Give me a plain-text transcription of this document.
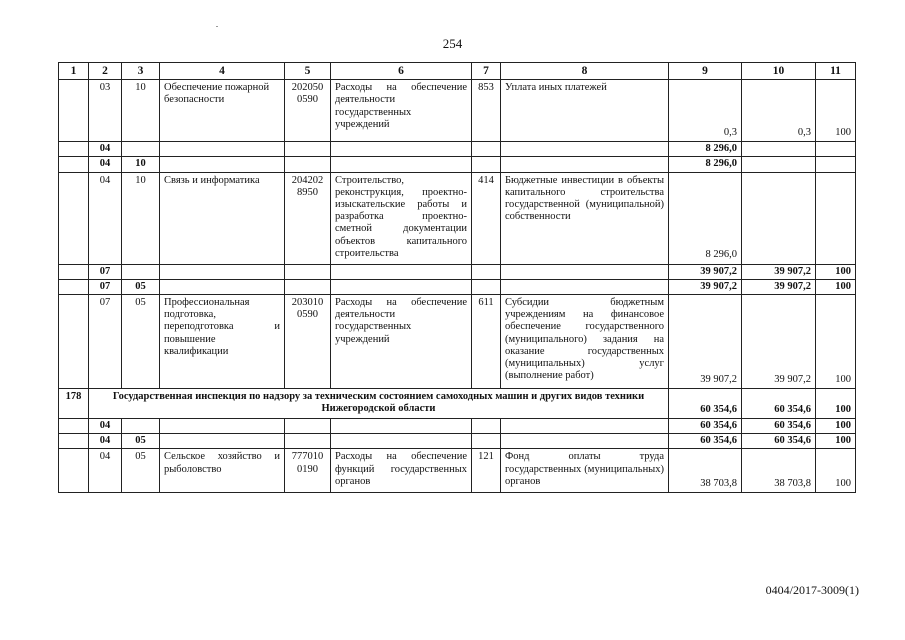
254
1	2	3	4	5	6	7	8	9	10	11
	03	10	Обеспечение пожарной безопасности	202050 0590	Расходы на обеспечение деятельности государственных учреждений	853	Уплата иных платежей	0,3	0,3	100
	04							8 296,0		
	04	10						8 296,0		
	04	10	Связь и информатика	204202 8950	Строительство, реконструкция, проектно-изыскательские работы и разработка проектно-сметной документации объектов капитального строительства	414	Бюджетные инвестиции в объекты капитального строительства государственной (муниципальной) собственности	8 296,0		
	07							39 907,2	39 907,2	100
	07	05						39 907,2	39 907,2	100
	07	05	Профессиональная подготовка, переподготовка и повышение квалификации	203010 0590	Расходы на обеспечение деятельности государственных учреждений	611	Субсидии бюджетным учреждениям на финансовое обеспечение государственного (муниципального) задания на оказание государственных (муниципальных) услуг (выполнение работ)	39 907,2	39 907,2	100
178	Государственная инспекция по надзору за техническим состоянием самоходных машин и других видов техники Нижегородской области							60 354,6	60 354,6	100
	04							60 354,6	60 354,6	100
	04	05						60 354,6	60 354,6	100
	04	05	Сельское хозяйство и рыболовство	777010 0190	Расходы на обеспечение функций государственных органов	121	Фонд оплаты труда государственных (муниципальных) органов	38 703,8	38 703,8	100
0404/2017-3009(1)
